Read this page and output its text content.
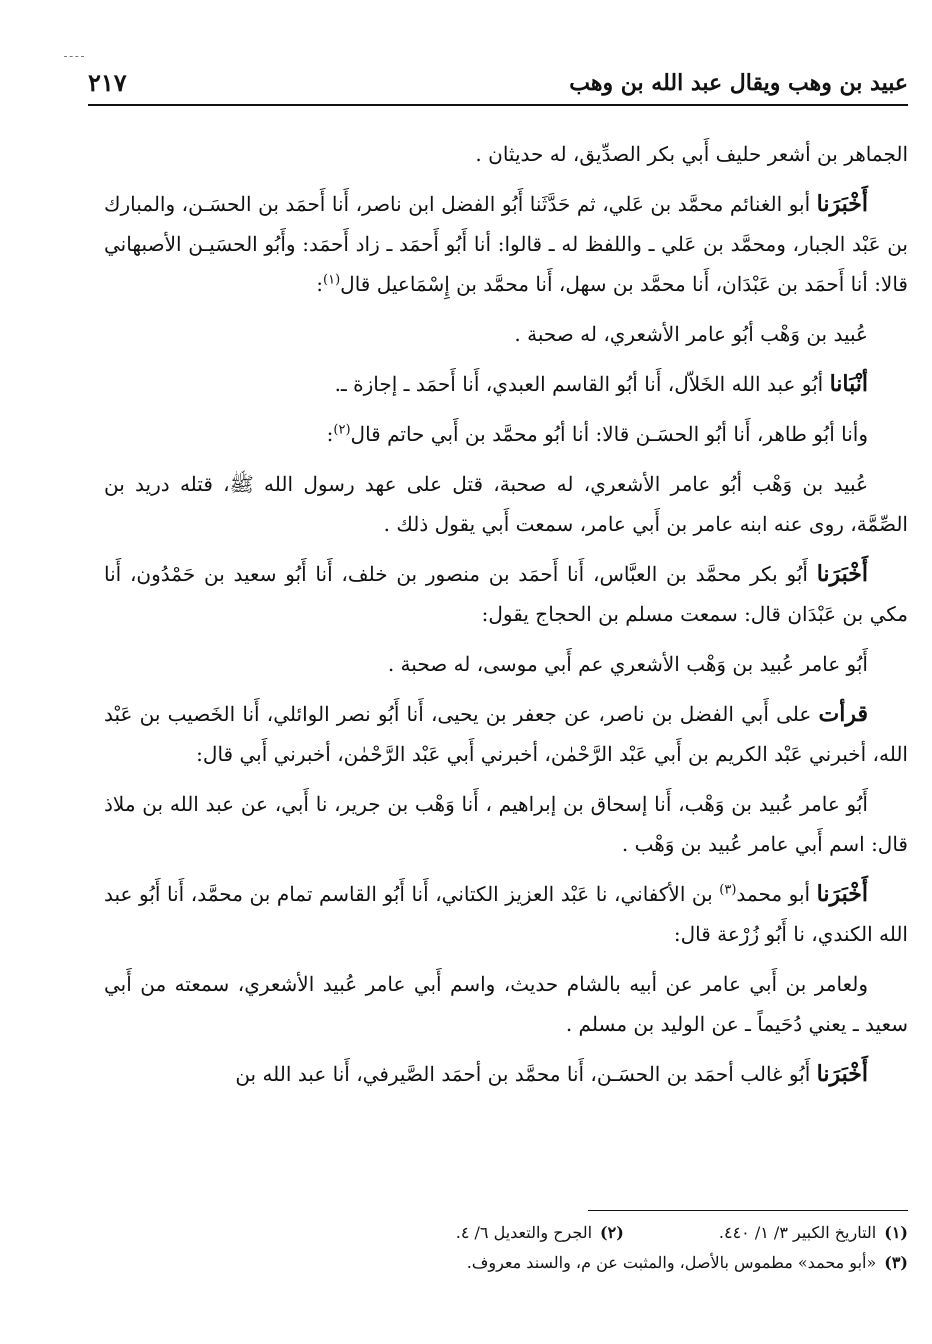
عبيد بن وهب ويقال عبد الله بن وهب
٢١٧

الجماهر بن أشعر حليف أَبي بكر الصدِّيق، له حديثان .

أَخْبَرَنا أبو الغنائم محمَّد بن عَلي، ثم حَدَّثَنا أَبُو الفضل ابن ناصر، أَنا أَحمَد بن الحسَـن، والمبارك بن عَبْد الجبار، ومحمَّد بن عَلي ـ واللفظ له ـ قالوا: أنا أَبُو أَحمَد ـ زاد أَحمَد: وأَبُو الحسَيـن الأصبهاني قالا: أنا أَحمَد بن عَبْدَان، أَنا محمَّد بن سهل، أَنا محمَّد بن إِسْمَاعيل قال$^{(١)}$:

عُبيد بن وَهْب أبُو عامر الأشعري، له صحبة .

أنْبَانا أبُو عبد الله الخَلاّل، أَنا أبُو القاسم العبدي، أَنا أَحمَد ـ إجازة ـ.

وأنا أبُو طاهر، أَنا أبُو الحسَـن قالا: أنا أبُو محمَّد بن أَبي حاتم قال$^{(٢)}$:

عُبيد بن وَهْب أبُو عامر الأشعري، له صحبة، قتل على عهد رسول الله ﷺ، قتله دريد بن الصِّمَّة، روى عنه ابنه عامر بن أَبي عامر، سمعت أَبي يقول ذلك .

أَخْبَرَنا أَبُو بكر محمَّد بن العبَّاس، أَنا أَحمَد بن منصور بن خلف، أَنا أَبُو سعيد بن حَمْدُون، أَنا مكي بن عَبْدَان قال: سمعت مسلم بن الحجاج يقول:

أَبُو عامر عُبيد بن وَهْب الأشعري عم أَبي موسى، له صحبة .

قرأت على أَبي الفضل بن ناصر، عن جعفر بن يحيى، أَنا أَبُو نصر الوائلي، أَنا الخَصيب بن عَبْد الله، أخبرني عَبْد الكريم بن أَبي عَبْد الرَّحْمٰن، أخبرني أَبي عَبْد الرَّحْمٰن، أخبرني أَبي قال:

أَبُو عامر عُبيد بن وَهْب، أَنا إسحاق بن إبراهيم ، أَنا وَهْب بن جرير، نا أَبي، عن عبد الله بن ملاذ قال: اسم أَبي عامر عُبيد بن وَهْب .

أَخْبَرَنا أبو محمد$^{(٣)}$ بن الأكفاني، نا عَبْد العزيز الكتاني، أَنا أَبُو القاسم تمام بن محمَّد، أَنا أَبُو عبد الله الكندي، نا أَبُو زُرْعة قال:

ولعامر بن أَبي عامر عن أبيه بالشام حديث، واسم أَبي عامر عُبيد الأشعري، سمعته من أَبي سعيد ـ يعني دُحَيماً ـ عن الوليد بن مسلم .

أَخْبَرَنا أَبُو غالب أحمَد بن الحسَـن، أَنا محمَّد بن أحمَد الصَّيرفي، أَنا عبد الله بن

(١)التاريخ الكبير ٣/ ١/ ٤٤٠. (٢)الجرح والتعديل ٦/ ٤.
(٣)«أبو محمد» مطموس بالأصل، والمثبت عن م، والسند معروف.
